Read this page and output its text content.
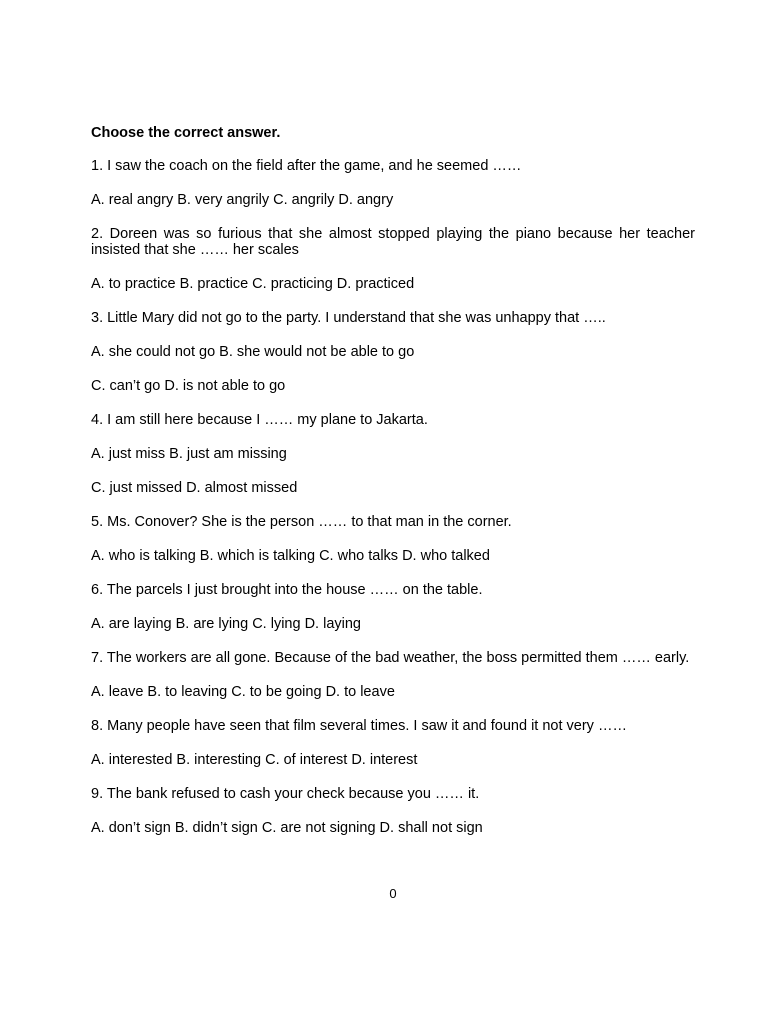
Choose the correct answer.
1. I saw the coach on the field after the game, and he seemed ……
A. real angry B. very angrily C. angrily D. angry
2. Doreen was so furious that she almost stopped playing the piano because her teacher insisted that she …… her scales
A. to practice B. practice C. practicing D. practiced
3. Little Mary did not go to the party. I understand that she was unhappy that …..
A. she could not go B. she would not be able to go
C. can’t go D. is not able to go
4. I am still here because I …… my plane to Jakarta.
A. just miss B. just am missing
C. just missed D. almost missed
5. Ms. Conover? She is the person …… to that man in the corner.
A. who is talking B. which is talking C. who talks D. who talked
6. The parcels I just brought into the house …… on the table.
A. are laying B. are lying C. lying D. laying
7. The workers are all gone. Because of the bad weather, the boss permitted them …… early.
A. leave B. to leaving C. to be going D. to leave
8. Many people have seen that film several times. I saw it and found it not very ……
A. interested B. interesting C. of interest D. interest
9. The bank refused to cash your check because you …… it.
A. don’t sign B. didn’t sign C. are not signing D. shall not sign
0
